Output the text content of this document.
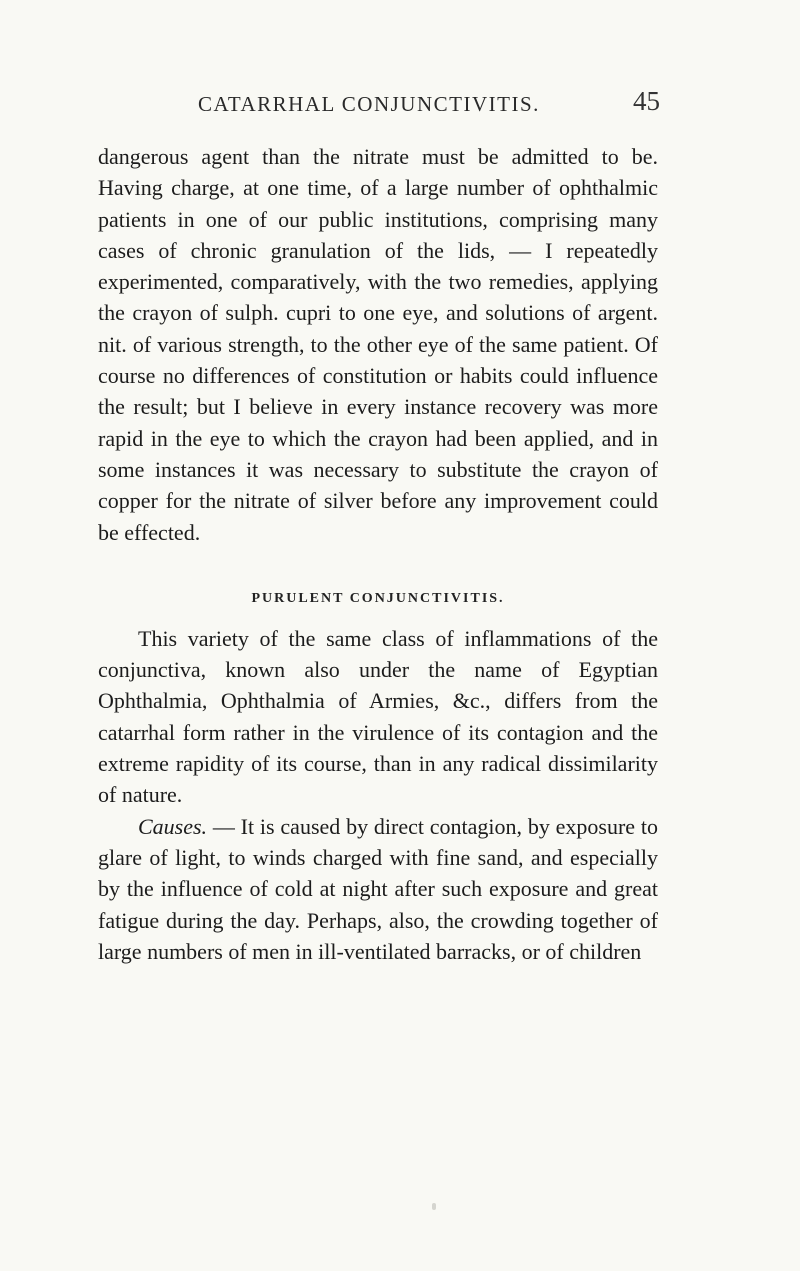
CATARRHAL CONJUNCTIVITIS.	45

dangerous agent than the nitrate must be admitted to be. Having charge, at one time, of a large number of ophthalmic patients in one of our public institutions, comprising many cases of chronic granulation of the lids, — I repeatedly experimented, comparatively, with the two remedies, applying the crayon of sulph. cupri to one eye, and solutions of argent. nit. of various strength, to the other eye of the same patient. Of course no differences of constitution or habits could influence the result; but I believe in every instance recovery was more rapid in the eye to which the crayon had been applied, and in some instances it was necessary to substitute the crayon of copper for the nitrate of silver before any improvement could be effected.

PURULENT CONJUNCTIVITIS.

This variety of the same class of inflammations of the conjunctiva, known also under the name of Egyptian Ophthalmia, Ophthalmia of Armies, &c., differs from the catarrhal form rather in the virulence of its contagion and the extreme rapidity of its course, than in any radical dissimilarity of nature.

Causes. — It is caused by direct contagion, by exposure to glare of light, to winds charged with fine sand, and especially by the influence of cold at night after such exposure and great fatigue during the day. Perhaps, also, the crowding together of large numbers of men in ill-ventilated barracks, or of children
